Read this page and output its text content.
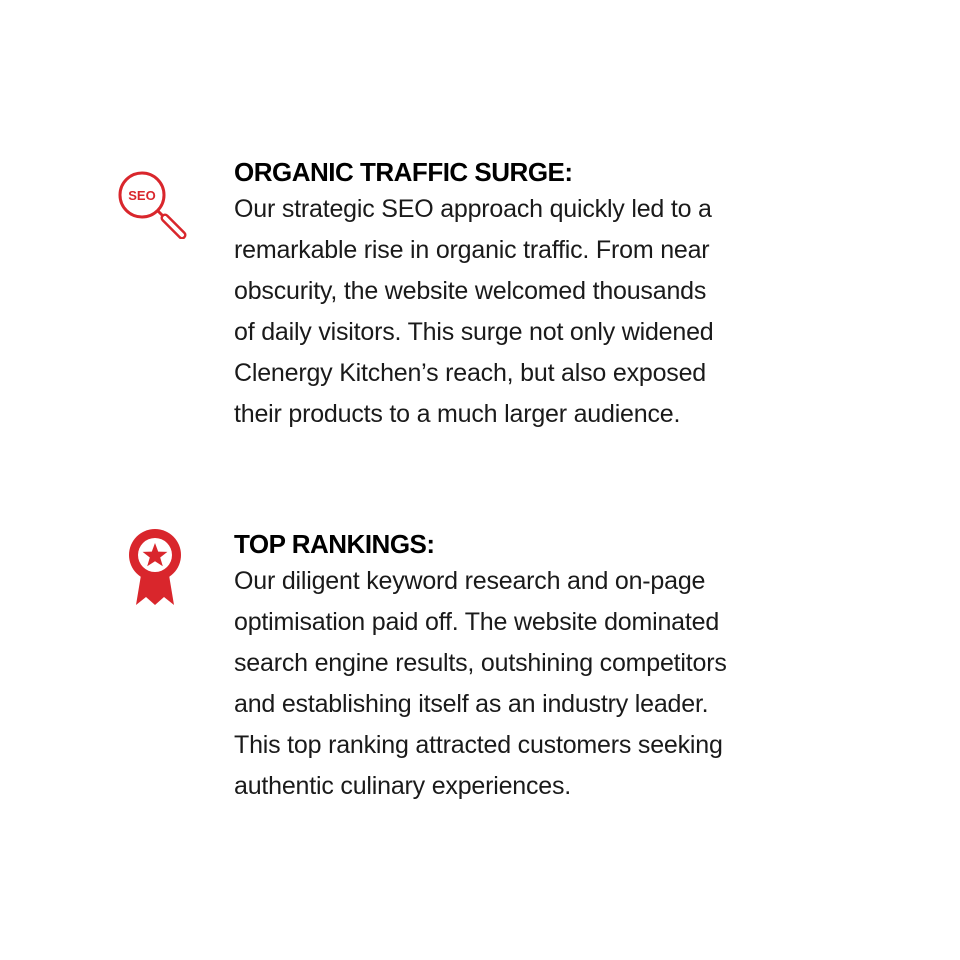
SEO
ORGANIC TRAFFIC SURGE:

Our strategic SEO approach quickly led to a
remarkable rise in organic traffic. From near
obscurity, the website welcomed thousands
of daily visitors. This surge not only widened
Clenergy Kitchen’s reach, but also exposed
their products to a much larger audience.

TOP RANKINGS:

Our diligent keyword research and on-page
optimisation paid off. The website dominated
search engine results, outshining competitors
and establishing itself as an industry leader.
This top ranking attracted customers seeking
authentic culinary experiences.
